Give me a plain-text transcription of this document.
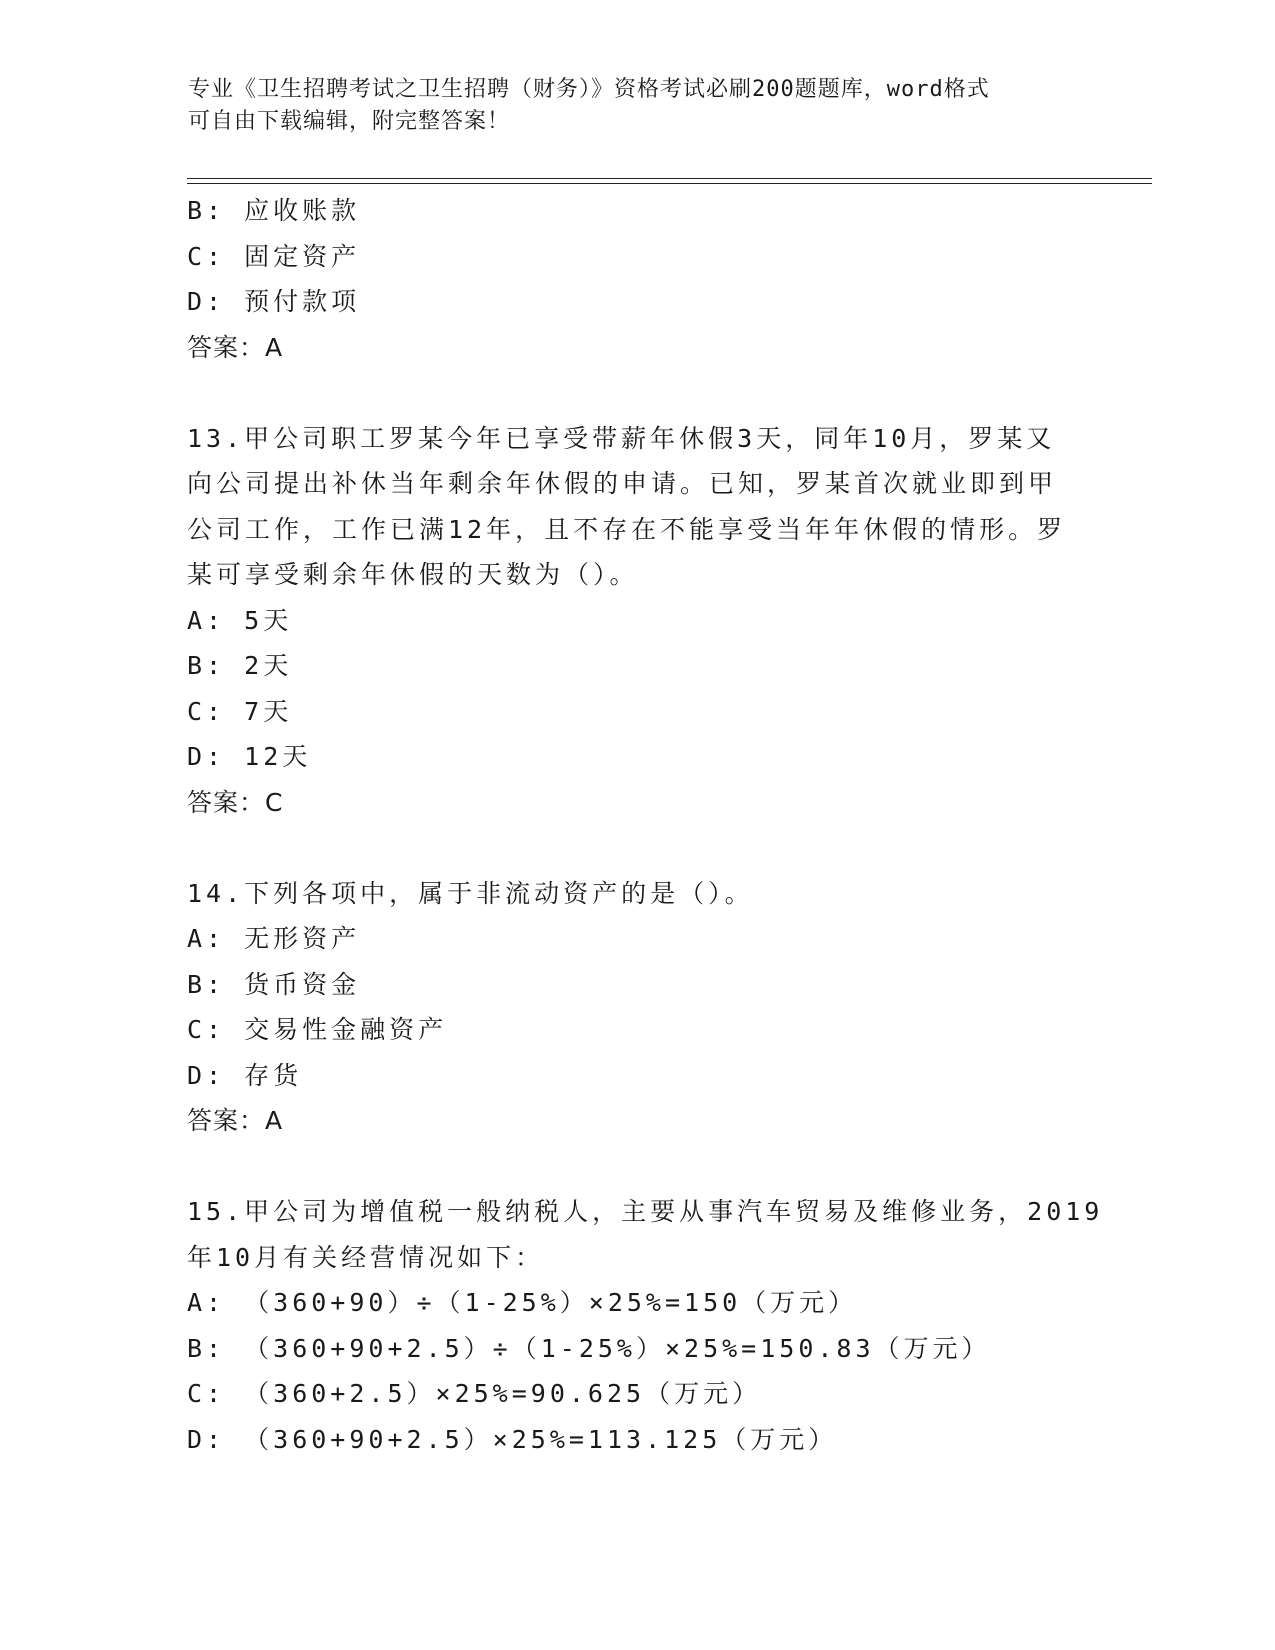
专业《卫生招聘考试之卫生招聘（财务）》资格考试必刷200题题库，word格式
可自由下载编辑，附完整答案！
B: 应收账款
C: 固定资产
D: 预付款项
答案：A
13.甲公司职工罗某今年已享受带薪年休假3天，同年10月，罗某又
向公司提出补休当年剩余年休假的申请。已知，罗某首次就业即到甲
公司工作，工作已满12年，且不存在不能享受当年年休假的情形。罗
某可享受剩余年休假的天数为（）。
A: 5天
B: 2天
C: 7天
D: 12天
答案：C
14.下列各项中，属于非流动资产的是（）。
A: 无形资产
B: 货币资金
C: 交易性金融资产
D: 存货
答案：A
15.甲公司为增值税一般纳税人，主要从事汽车贸易及维修业务，2019
年10月有关经营情况如下：
A: （360+90）÷（1-25%）×25%=150（万元）
B: （360+90+2.5）÷（1-25%）×25%=150.83（万元）
C: （360+2.5）×25%=90.625（万元）
D: （360+90+2.5）×25%=113.125（万元）
